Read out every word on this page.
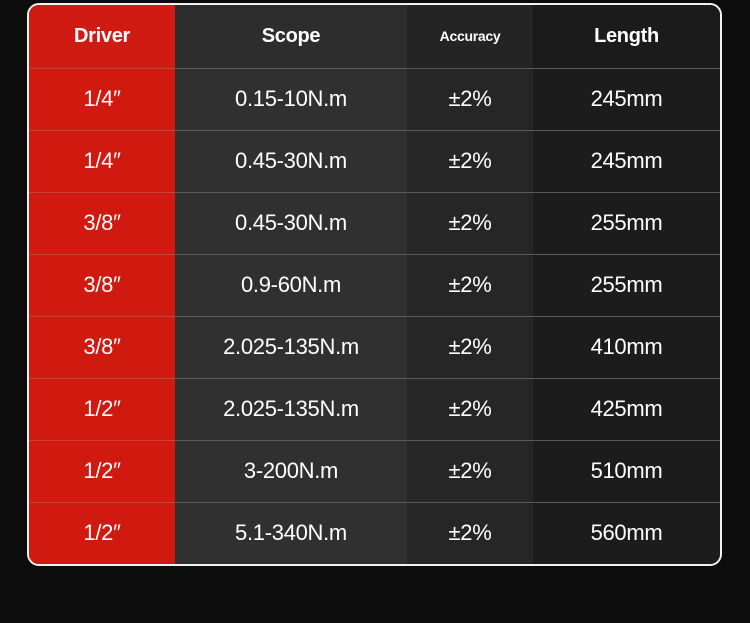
Driver	Scope	Accuracy	Length
1/4″	0.15-10N.m	±2%	245mm
1/4″	0.45-30N.m	±2%	245mm
3/8″	0.45-30N.m	±2%	255mm
3/8″	0.9-60N.m	±2%	255mm
3/8″	2.025-135N.m	±2%	410mm
1/2″	2.025-135N.m	±2%	425mm
1/2″	3-200N.m	±2%	510mm
1/2″	5.1-340N.m	±2%	560mm
